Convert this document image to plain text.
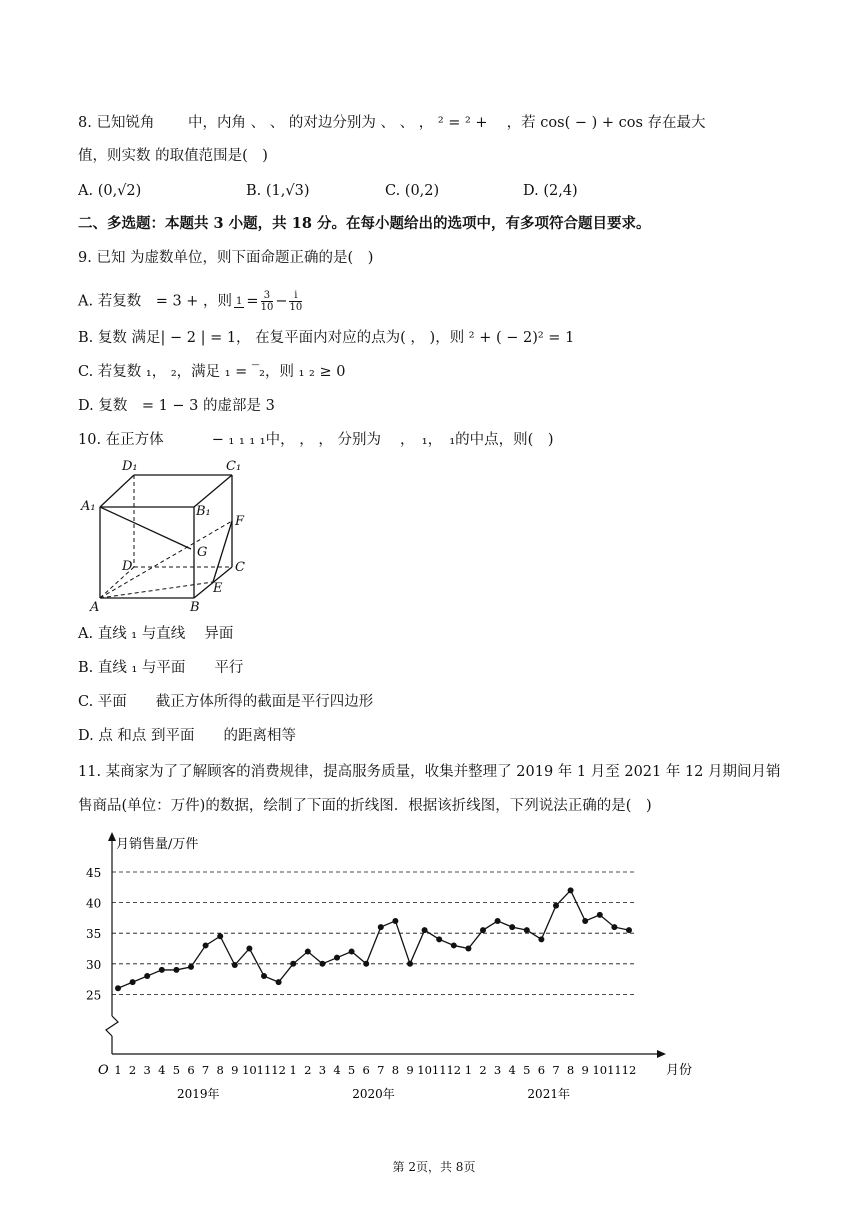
8. 已知锐角　　 中，内角 、 、 的对边分别为 、 、 ， ² = ² + 　，若 cos( − ) + cos 存在最大
值，则实数 的取值范围是(　)
A. (0,√2)	B. (1,√3)	C. (0,2)	D. (2,4)
二、多选题：本题共 3 小题，共 18 分。在每小题给出的选项中，有多项符合题目要求。
9. 已知 为虚数单位，则下面命题正确的是(　)
A. 若复数　= 3 + ，则 $1 = \frac{3}{10} - \frac{i}{10}$
B. 复数 满足| − 2 | = 1， 在复平面内对应的点为( ， )，则 ² + ( − 2)² = 1
C. 若复数 ₁， ₂，满足 ₁ = ‾₂，则 ₁ ₂ ≥ 0
D. 复数　= 1 − 3 的虚部是 3
10. 在正方体　　　 − ₁ ₁ ₁ ₁中， ， ， 分别为　 ，　₁，　₁的中点，则(　)
D₁	C₁
A₁	B₁
F
G
D	C
E
A	B
A. 直线 ₁ 与直线　 异面
B. 直线 ₁ 与平面　　平行
C. 平面　　截正方体所得的截面是平行四边形
D. 点 和点 到平面　　的距离相等
11. 某商家为了了解顾客的消费规律，提高服务质量，收集并整理了 2019 年 1 月至 2021 年 12 月期间月销
售商品(单位：万件)的数据，绘制了下面的折线图．根据该折线图，下列说法正确的是(　)
月销售量/万件
O	月份
25
30
35
40
45
1 2 3 4 5 6 7 8 9 10 11 12 1 2 3 4 5 6 7 8 9 10 11 12 1 2 3 4 5 6 7 8 9 10 11 12
2019年	2020年	2021年
第 2页，共 8页
